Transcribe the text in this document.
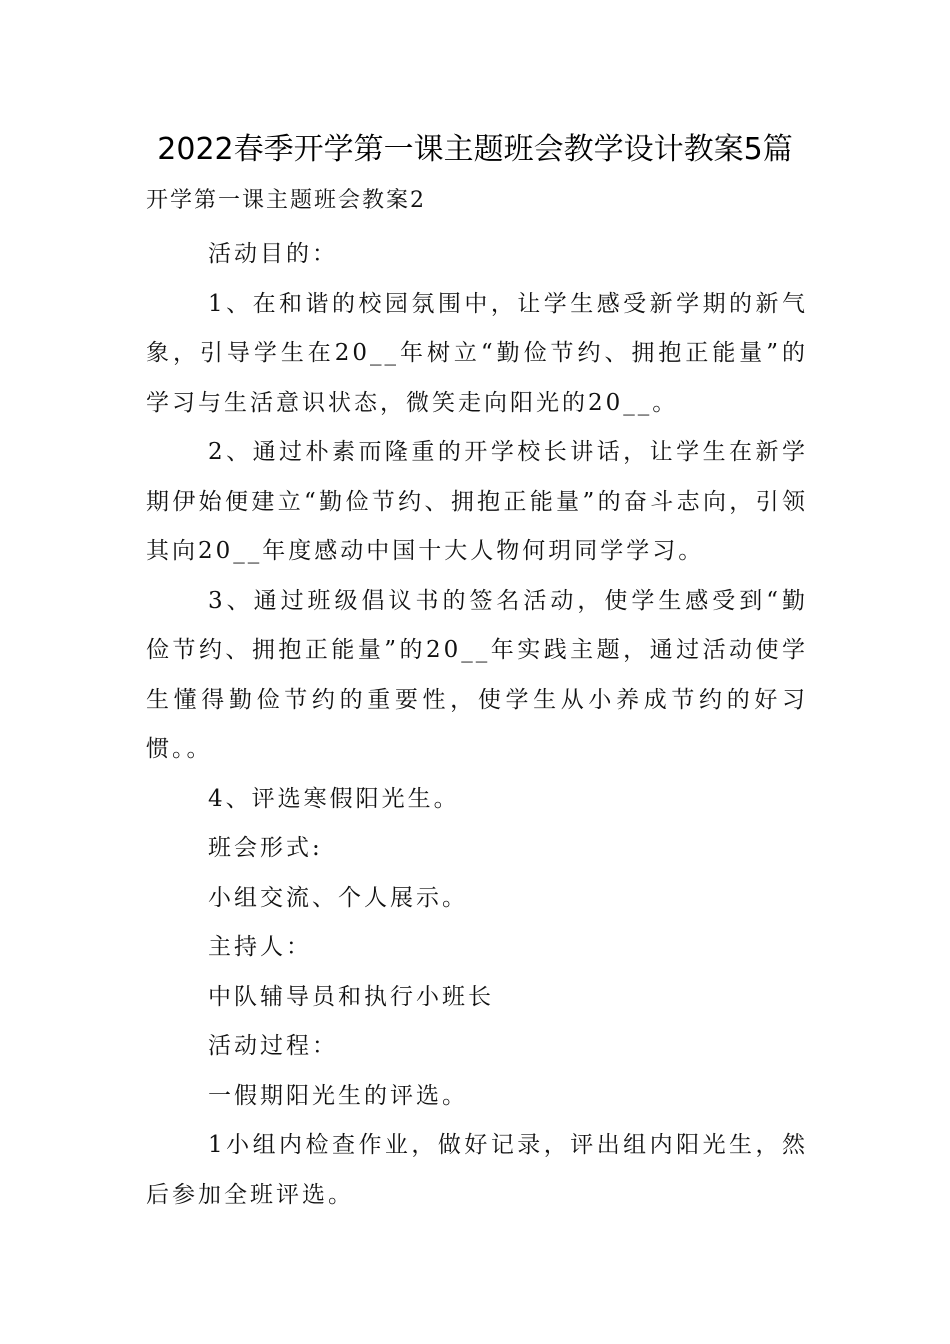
2022春季开学第一课主题班会教学设计教案5篇
开学第一课主题班会教案2

活动目的：

1、在和谐的校园氛围中，让学生感受新学期的新气象，引导学生在20__年树立“勤俭节约、拥抱正能量”的学习与生活意识状态，微笑走向阳光的20__。

2、通过朴素而隆重的开学校长讲话，让学生在新学期伊始便建立“勤俭节约、拥抱正能量”的奋斗志向，引领其向20__年度感动中国十大人物何玥同学学习。

3、通过班级倡议书的签名活动，使学生感受到“勤俭节约、拥抱正能量”的20__年实践主题，通过活动使学生懂得勤俭节约的重要性，使学生从小养成节约的好习惯。。

4、评选寒假阳光生。

班会形式:

小组交流、个人展示。

主持人：

中队辅导员和执行小班长

活动过程：

一假期阳光生的评选。

1小组内检查作业，做好记录，评出组内阳光生，然后参加全班评选。
